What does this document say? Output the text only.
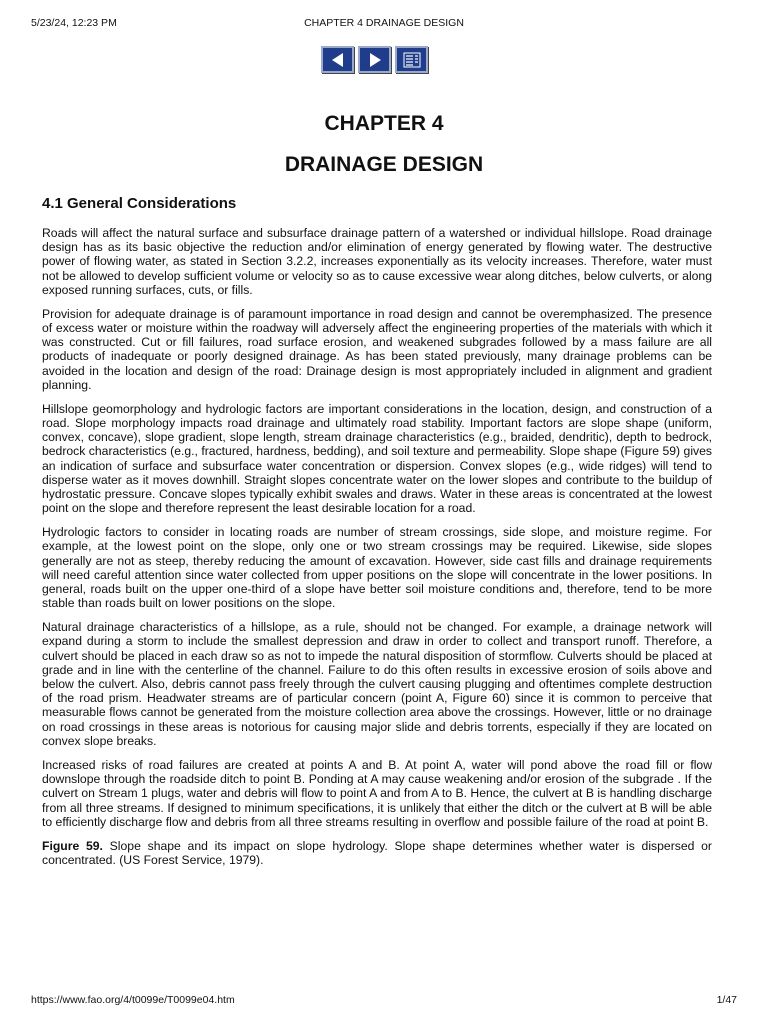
5/23/24, 12:23 PM	CHAPTER 4 DRAINAGE DESIGN
CHAPTER 4
DRAINAGE DESIGN
4.1 General Considerations

Roads will affect the natural surface and subsurface drainage pattern of a watershed or individual hillslope. Road drainage design has as its basic objective the reduction and/or elimination of energy generated by flowing water. The destructive power of flowing water, as stated in Section 3.2.2, increases exponentially as its velocity increases. Therefore, water must not be allowed to develop sufficient volume or velocity so as to cause excessive wear along ditches, below culverts, or along exposed running surfaces, cuts, or fills.

Provision for adequate drainage is of paramount importance in road design and cannot be overemphasized. The presence of excess water or moisture within the roadway will adversely affect the engineering properties of the materials with which it was constructed. Cut or fill failures, road surface erosion, and weakened subgrades followed by a mass failure are all products of inadequate or poorly designed drainage. As has been stated previously, many drainage problems can be avoided in the location and design of the road: Drainage design is most appropriately included in alignment and gradient planning.

Hillslope geomorphology and hydrologic factors are important considerations in the location, design, and construction of a road. Slope morphology impacts road drainage and ultimately road stability. Important factors are slope shape (uniform, convex, concave), slope gradient, slope length, stream drainage characteristics (e.g., braided, dendritic), depth to bedrock, bedrock characteristics (e.g., fractured, hardness, bedding), and soil texture and permeability. Slope shape (Figure 59) gives an indication of surface and subsurface water concentration or dispersion. Convex slopes (e.g., wide ridges) will tend to disperse water as it moves downhill. Straight slopes concentrate water on the lower slopes and contribute to the buildup of hydrostatic pressure. Concave slopes typically exhibit swales and draws. Water in these areas is concentrated at the lowest point on the slope and therefore represent the least desirable location for a road.

Hydrologic factors to consider in locating roads are number of stream crossings, side slope, and moisture regime. For example, at the lowest point on the slope, only one or two stream crossings may be required. Likewise, side slopes generally are not as steep, thereby reducing the amount of excavation. However, side cast fills and drainage requirements will need careful attention since water collected from upper positions on the slope will concentrate in the lower positions. In general, roads built on the upper one-third of a slope have better soil moisture conditions and, therefore, tend to be more stable than roads built on lower positions on the slope.

Natural drainage characteristics of a hillslope, as a rule, should not be changed. For example, a drainage network will expand during a storm to include the smallest depression and draw in order to collect and transport runoff. Therefore, a culvert should be placed in each draw so as not to impede the natural disposition of stormflow. Culverts should be placed at grade and in line with the centerline of the channel. Failure to do this often results in excessive erosion of soils above and below the culvert. Also, debris cannot pass freely through the culvert causing plugging and oftentimes complete destruction of the road prism. Headwater streams are of particular concern (point A, Figure 60) since it is common to perceive that measurable flows cannot be generated from the moisture collection area above the crossings. However, little or no drainage on road crossings in these areas is notorious for causing major slide and debris torrents, especially if they are located on convex slope breaks.

Increased risks of road failures are created at points A and B. At point A, water will pond above the road fill or flow downslope through the roadside ditch to point B. Ponding at A may cause weakening and/or erosion of the subgrade . If the culvert on Stream 1 plugs, water and debris will flow to point A and from A to B. Hence, the culvert at B is handling discharge from all three streams. If designed to minimum specifications, it is unlikely that either the ditch or the culvert at B will be able to efficiently discharge flow and debris from all three streams resulting in overflow and possible failure of the road at point B.

Figure 59. Slope shape and its impact on slope hydrology. Slope shape determines whether water is dispersed or concentrated. (US Forest Service, 1979).

https://www.fao.org/4/t0099e/T0099e04.htm	1/47
